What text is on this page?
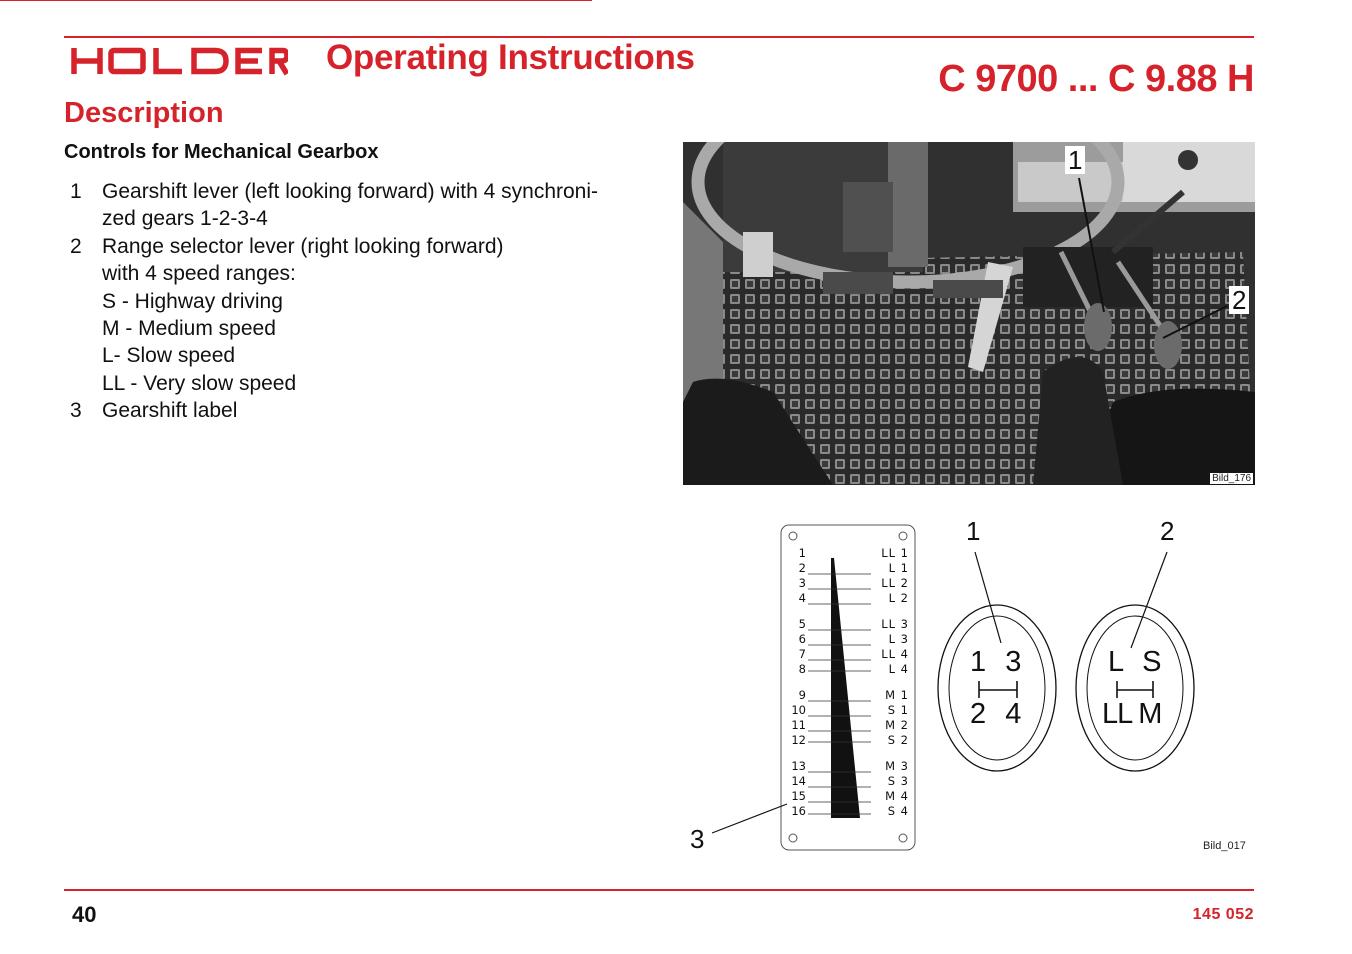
Operating Instructions
C 9700 ... C 9.88 H
Description
Controls for Mechanical Gearbox
1 Gearshift lever (left looking forward) with 4 synchroni-
zed gears 1-2-3-4
2 Range selector lever (right looking forward)
with 4 speed ranges:
S - Highway driving
M - Medium speed
L- Slow speed
LL - Very slow speed
3 Gearshift label
1
2
Bild_176
1	2
3
1	LL 1
2	L 1
3	LL 2
4	L 2
5	LL 3
6	L 3
7	LL 4
8	L 4
9	M 1
10	S 1
11	M 2
12	S 2
13	M 3
14	S 3
15	M 4
16	S 4
1  3
2  4
L  S
LL M
Bild_017
40	145 052
